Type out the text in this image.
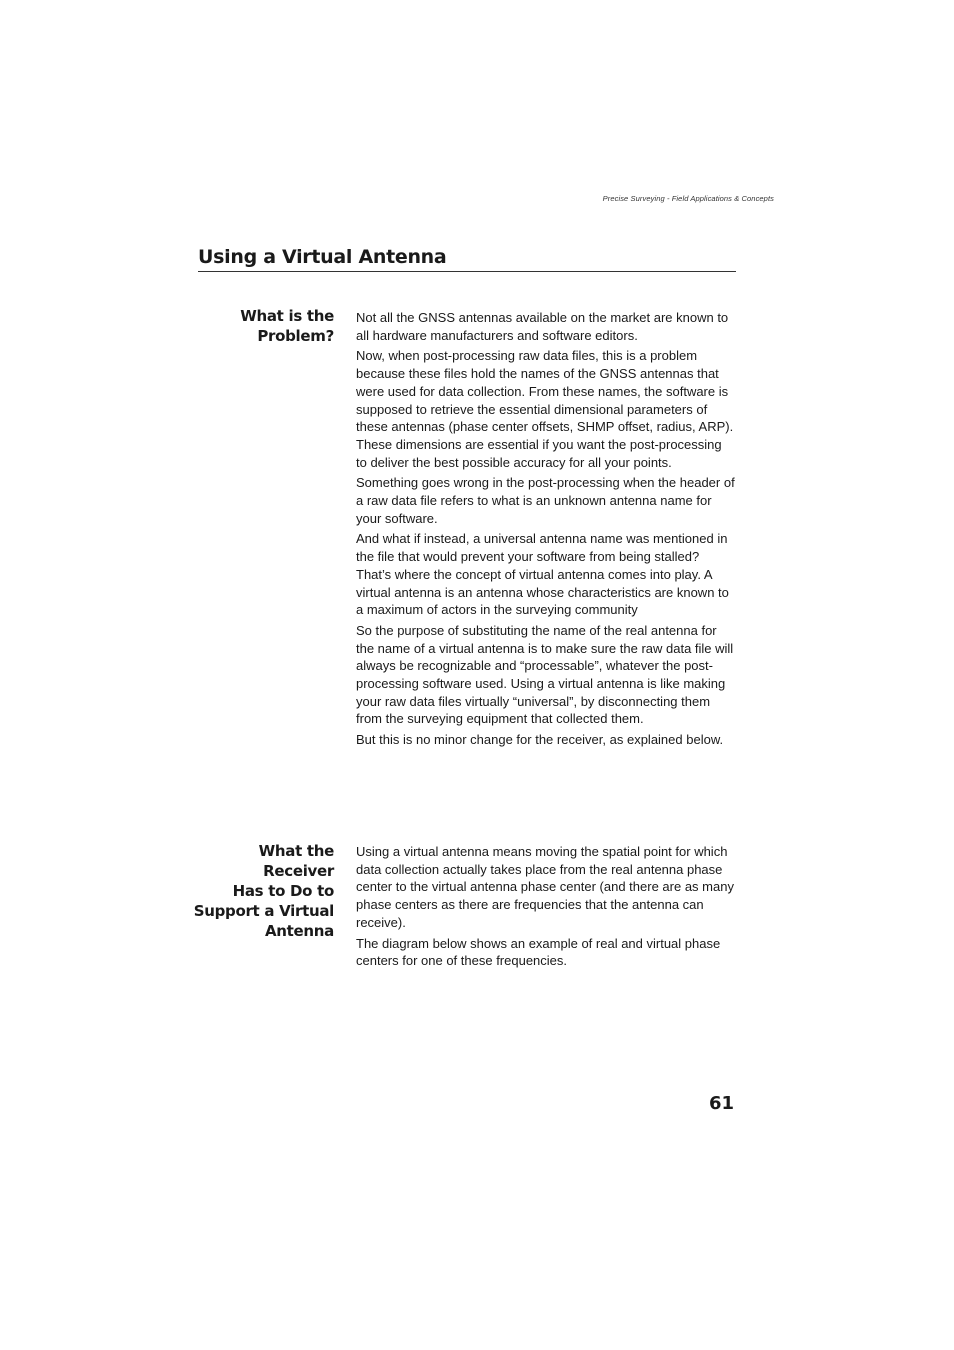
Precise Surveying - Field Applications & Concepts
Using a Virtual Antenna
What is the
Problem?

Not all the GNSS antennas available on the market are known to all hardware manufacturers and software editors.

Now, when post-processing raw data files, this is a problem because these files hold the names of the GNSS antennas that were used for data collection. From these names, the software is supposed to retrieve the essential dimensional parameters of these antennas (phase center offsets, SHMP offset, radius, ARP). These dimensions are essential if you want the post-processing to deliver the best possible accuracy for all your points.

Something goes wrong in the post-processing when the header of a raw data file refers to what is an unknown antenna name for your software.

And what if instead, a universal antenna name was mentioned in the file that would prevent your software from being stalled? That’s where the concept of virtual antenna comes into play. A virtual antenna is an antenna whose characteristics are known to a maximum of actors in the surveying community

So the purpose of substituting the name of the real antenna for the name of a virtual antenna is to make sure the raw data file will always be recognizable and “processable”, whatever the post-processing software used. Using a virtual antenna is like making your raw data files virtually “universal”, by disconnecting them from the surveying equipment that collected them.

But this is no minor change for the receiver, as explained below.

What the Receiver
Has to Do to
Support a Virtual
Antenna

Using a virtual antenna means moving the spatial point for which data collection actually takes place from the real antenna phase center to the virtual antenna phase center (and there are as many phase centers as there are frequencies that the antenna can receive).

The diagram below shows an example of real and virtual phase centers for one of these frequencies.

61
